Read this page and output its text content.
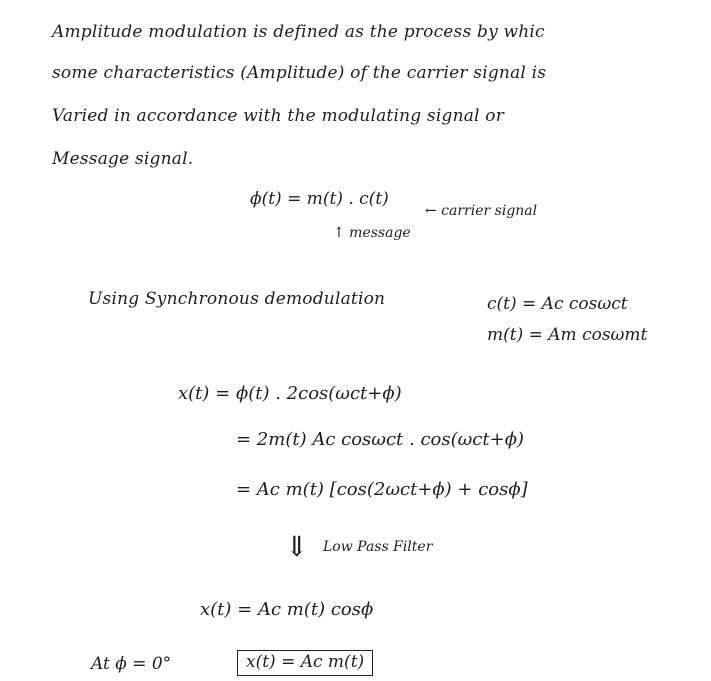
Amplitude modulation is defined as the process by whic
some characteristics (Amplitude) of the carrier signal is
Varied in accordance with the modulating signal or
Message signal.
ϕ(t) = m(t) . c(t)
← carrier signal
↑ message
Using Synchronous demodulation	c(t) = Ac cosωct
m(t) = Am cosωmt
x(t) = ϕ(t) . 2cos(ωct+ϕ)
= 2m(t) Ac cosωct . cos(ωct+ϕ)
= Ac m(t) [cos(2ωct+ϕ) + cosϕ]
⇓ Low Pass Filter
x(t) = Ac m(t) cosϕ
At ϕ = 0°	x(t) = Ac m(t)
